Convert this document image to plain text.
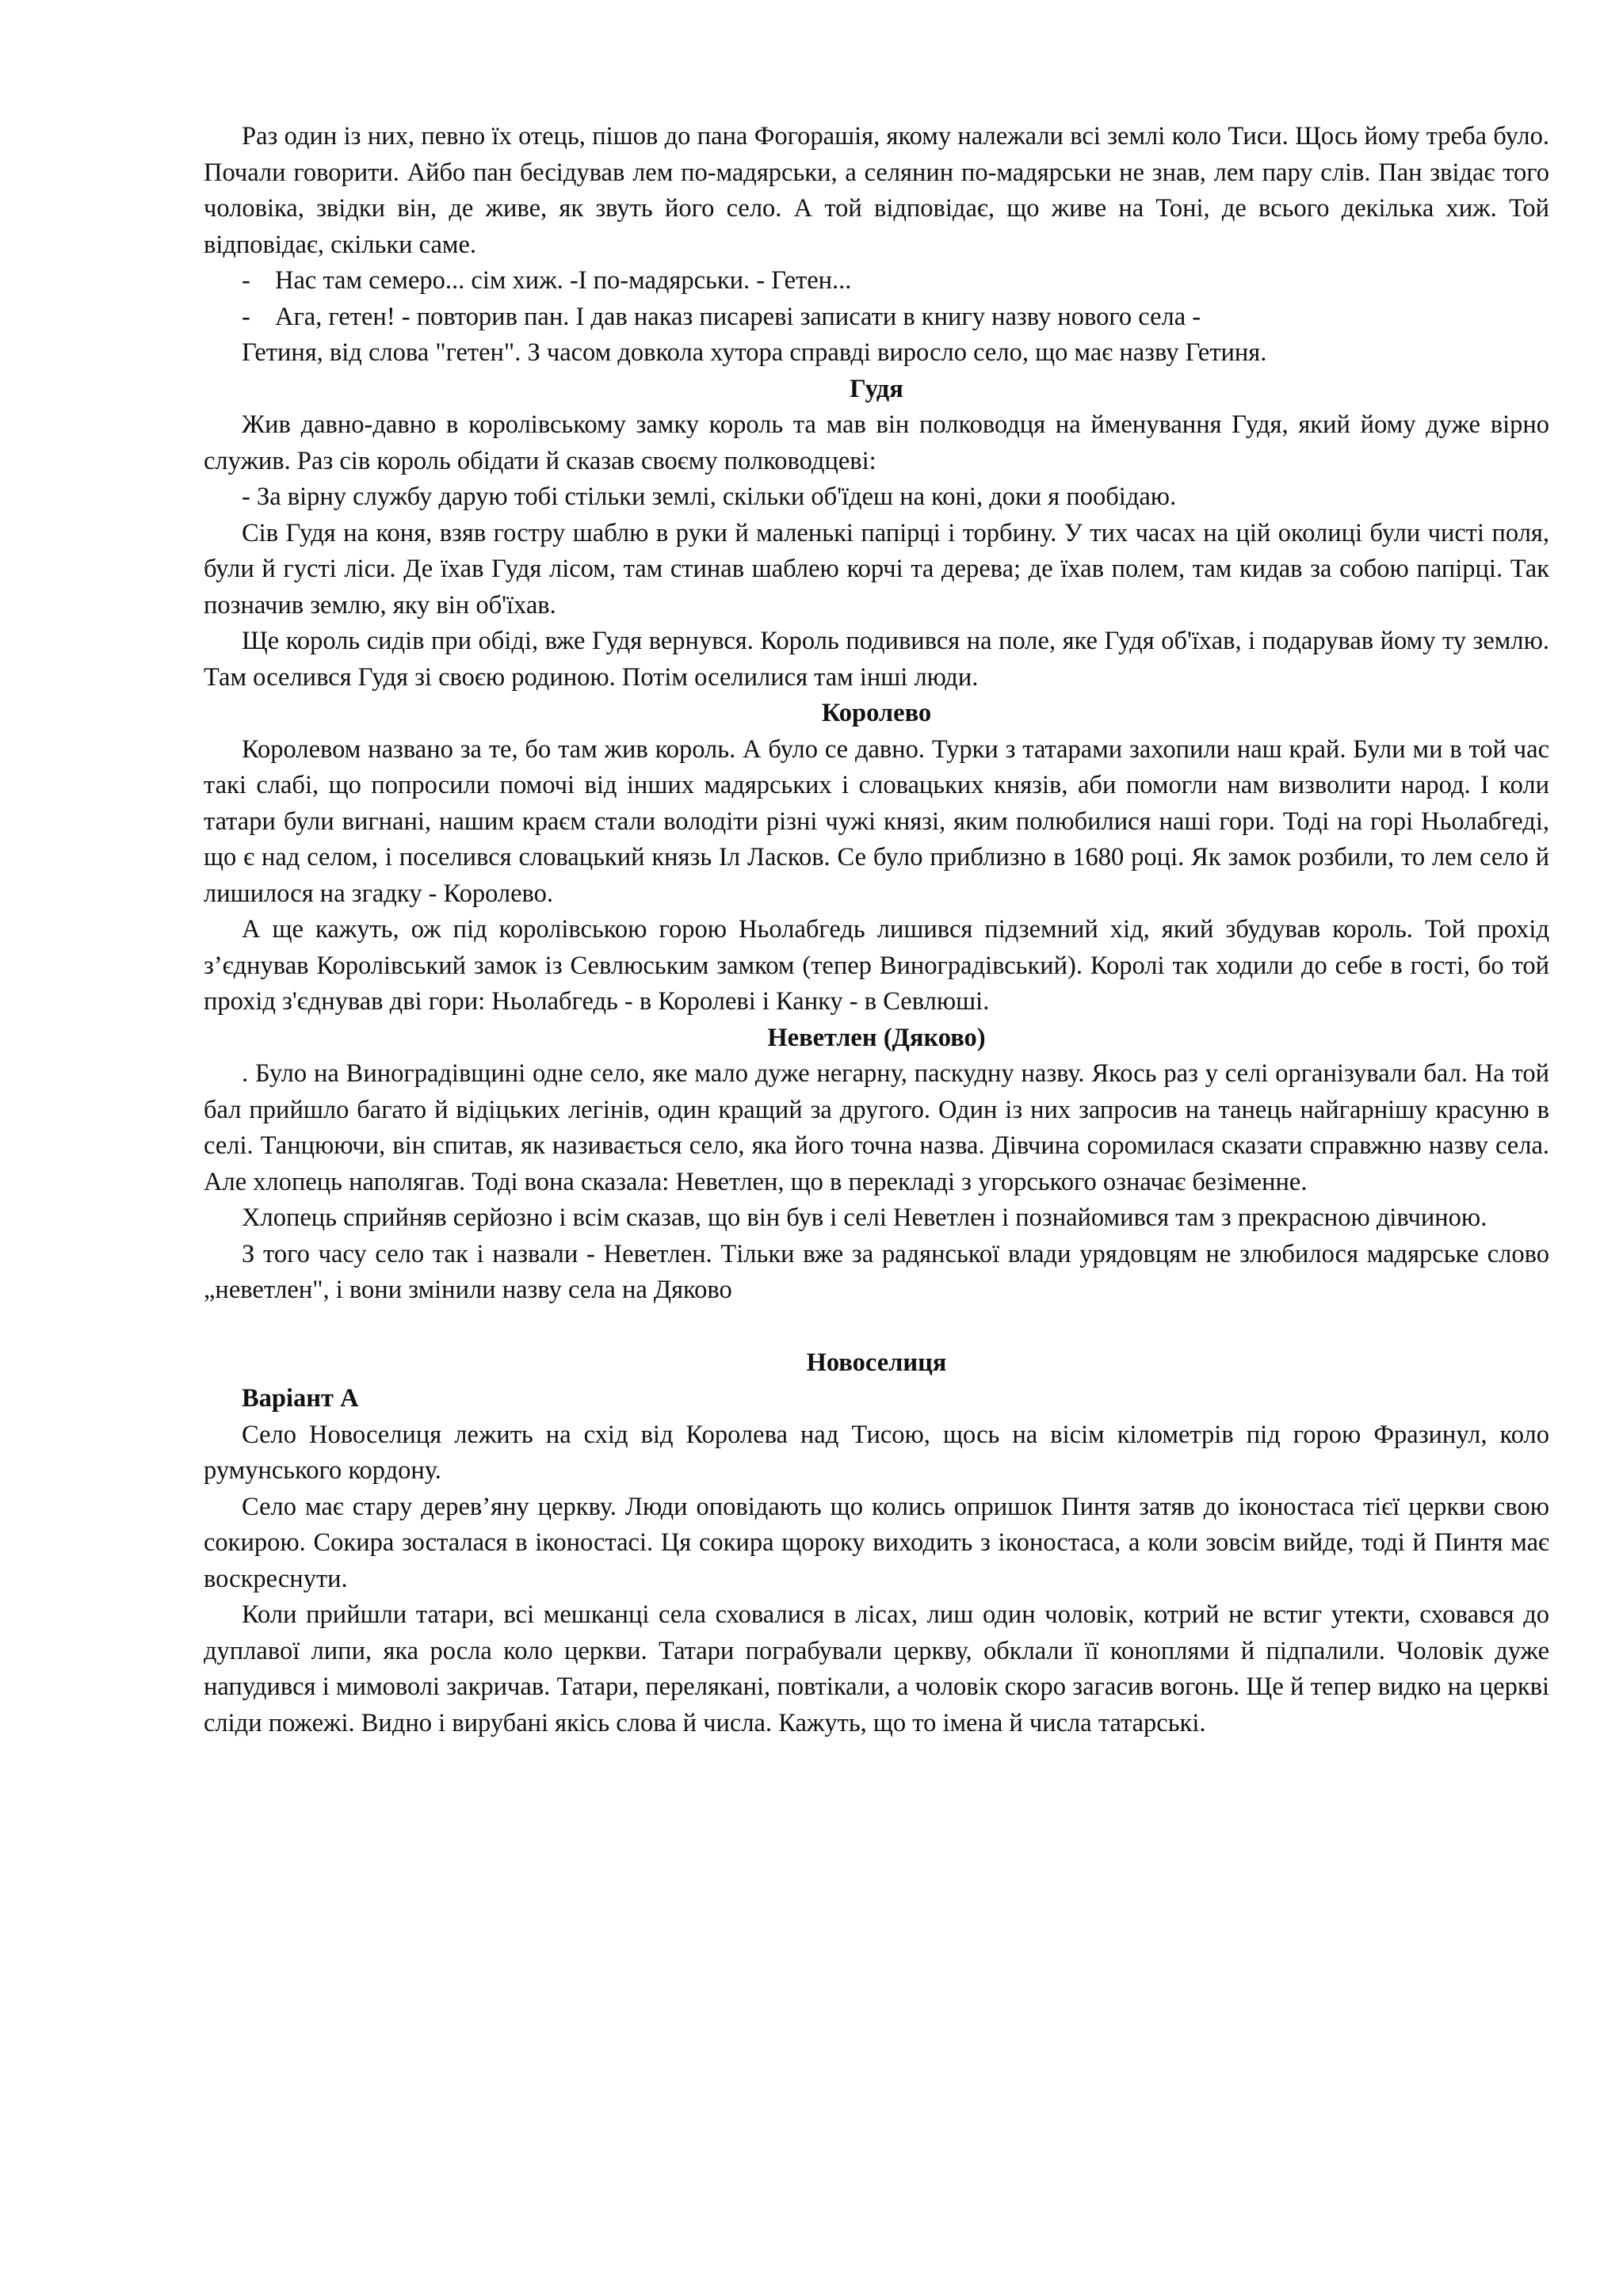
Раз один із них, певно їх отець, пішов до пана Фогорашія, якому належали всі землі коло Тиси. Щось йому треба було. Почали говорити. Айбо пан бесідував лем по-мадярськи, а селянин по-мадярськи не знав, лем пару слів. Пан звідає того чоловіка, звідки він, де живе, як звуть його село. А той відповідає, що живе на Тоні, де всього декілька хиж. Той відповідає, скільки саме.

- Нас там семеро... сім хиж. -І по-мадярськи. - Гетен...

- Ага, гетен! - повторив пан. І дав наказ писареві записати в книгу назву нового села -

Гетиня, від слова "гетен". З часом довкола хутора справді виросло село, що має назву Гетиня.

Гудя

Жив давно-давно в королівському замку король та мав він полководця на йменування Гудя, який йому дуже вірно служив. Раз сів король обідати й сказав своєму полководцеві:

- За вірну службу дарую тобі стільки землі, скільки об'їдеш на коні, доки я пообідаю.

Сів Гудя на коня, взяв гостру шаблю в руки й маленькі папірці і торбину. У тих часах на цій околиці були чисті поля, були й густі ліси. Де їхав Гудя лісом, там стинав шаблею корчі та дерева; де їхав полем, там кидав за собою папірці. Так позначив землю, яку він об'їхав.

Ще король сидів при обіді, вже Гудя вернувся. Король подивився на поле, яке Гудя об'їхав, і подарував йому ту землю. Там оселився Гудя зі своєю родиною. Потім оселилися там інші люди.

Королево

Королевом названо за те, бо там жив король. А було се давно. Турки з татарами захопили наш край. Були ми в той час такі слабі, що попросили помочі від інших мадярських і словацьких князів, аби помогли нам визволити народ. І коли татари були вигнані, нашим краєм стали володіти різні чужі князі, яким полюбилися наші гори. Тоді на горі Ньолабгеді, що є над селом, і поселився словацький князь Іл Ласков. Се було приблизно в 1680 році. Як замок розбили, то лем село й лишилося на згадку - Королево.

А ще кажуть, ож під королівською горою Ньолабгедь лишився підземний хід, який збудував король. Той прохід з’єднував Королівський замок із Севлюським замком (тепер Виноградівський). Королі так ходили до себе в гості, бо той прохід з'єднував дві гори: Ньолабгедь - в Королеві і Канку - в Севлюші.

Неветлен (Дяково)

. Було на Виноградівщині одне село, яке мало дуже негарну, паскудну назву. Якось раз у селі організували бал. На той бал прийшло багато й відіцьких легінів, один кращий за другого. Один із них запросив на танець найгарнішу красуню в селі. Танцюючи, він спитав, як називається село, яка його точна назва. Дівчина соромилася сказати справжню назву села. Але хлопець наполягав. Тоді вона сказала: Неветлен, що в перекладі з угорського означає безіменне.

Хлопець сприйняв серйозно і всім сказав, що він був і селі Неветлен і познайомився там з прекрасною дівчиною.

З того часу село так і назвали - Неветлен. Тільки вже за радянської влади урядовцям не злюбилося мадярське слово „неветлен", і вони змінили назву села на Дяково

Новоселиця

Варіант А

Село Новоселиця лежить на схід від Королева над Тисою, щось на вісім кілометрів під горою Фразинул, коло румунського кордону.

Село має стару дерев’яну церкву. Люди оповідають що колись опришок Пинтя затяв до іконостаса тієї церкви свою сокирою. Сокира зосталася в іконостасі. Ця сокира щороку виходить з іконостаса, а коли зовсім вийде, тоді й Пинтя має воскреснути.

Коли прийшли татари, всі мешканці села сховалися в лісах, лиш один чоловік, котрий не встиг утекти, сховався до дуплавої липи, яка росла коло церкви. Татари пограбували церкву, обклали її коноплями й підпалили. Чоловік дуже напудився і мимоволі закричав. Татари, перелякані, повтікали, а чоловік скоро загасив вогонь. Ще й тепер видко на церкві сліди пожежі. Видно і вирубані якісь слова й числа. Кажуть, що то імена й числа татарські.
